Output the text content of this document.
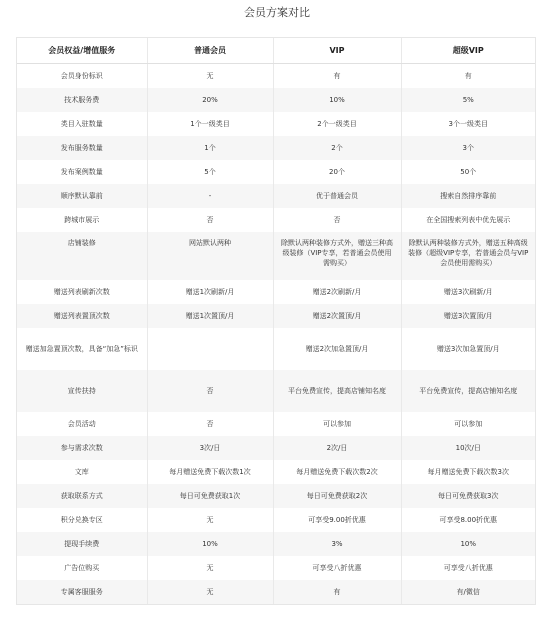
会员方案对比
会员权益/增值服务	普通会员	VIP	超级VIP
会员身份标识	无	有	有
技术服务费	20%	10%	5%
类目入驻数量	1个一级类目	2个一级类目	3个一级类目
发布服务数量	1个	2个	3个
发布案例数量	5个	20个	50个
顺序默认靠前	-	优于普通会员	搜索自然排序靠前
跨城市展示	否	否	在全国搜索列表中优先展示
店铺装修	网站默认两种	除默认两种装修方式外，赠送三种高级装修（VIP专享，若普通会员使用需购买）	除默认两种装修方式外，赠送五种高级装修（超级VIP专享，若普通会员与VIP会员使用需购买）
赠送列表刷新次数	赠送1次刷新/月	赠送2次刷新/月	赠送3次刷新/月
赠送列表置顶次数	赠送1次置顶/月	赠送2次置顶/月	赠送3次置顶/月
赠送加急置顶次数，具备“加急”标识		赠送2次加急置顶/月	赠送3次加急置顶/月
宣传扶持	否	平台免费宣传，提高店铺知名度	平台免费宣传，提高店铺知名度
会员活动	否	可以参加	可以参加
参与需求次数	3次/日	2次/日	10次/日
文库	每月赠送免费下载次数1次	每月赠送免费下载次数2次	每月赠送免费下载次数3次
获取联系方式	每日可免费获取1次	每日可免费获取2次	每日可免费获取3次
积分兑换专区	无	可享受9.00折优惠	可享受8.00折优惠
提现手续费	10%	3%	10%
广告位购买	无	可享受八折优惠	可享受八折优惠
专属客服服务	无	有	有/微信
